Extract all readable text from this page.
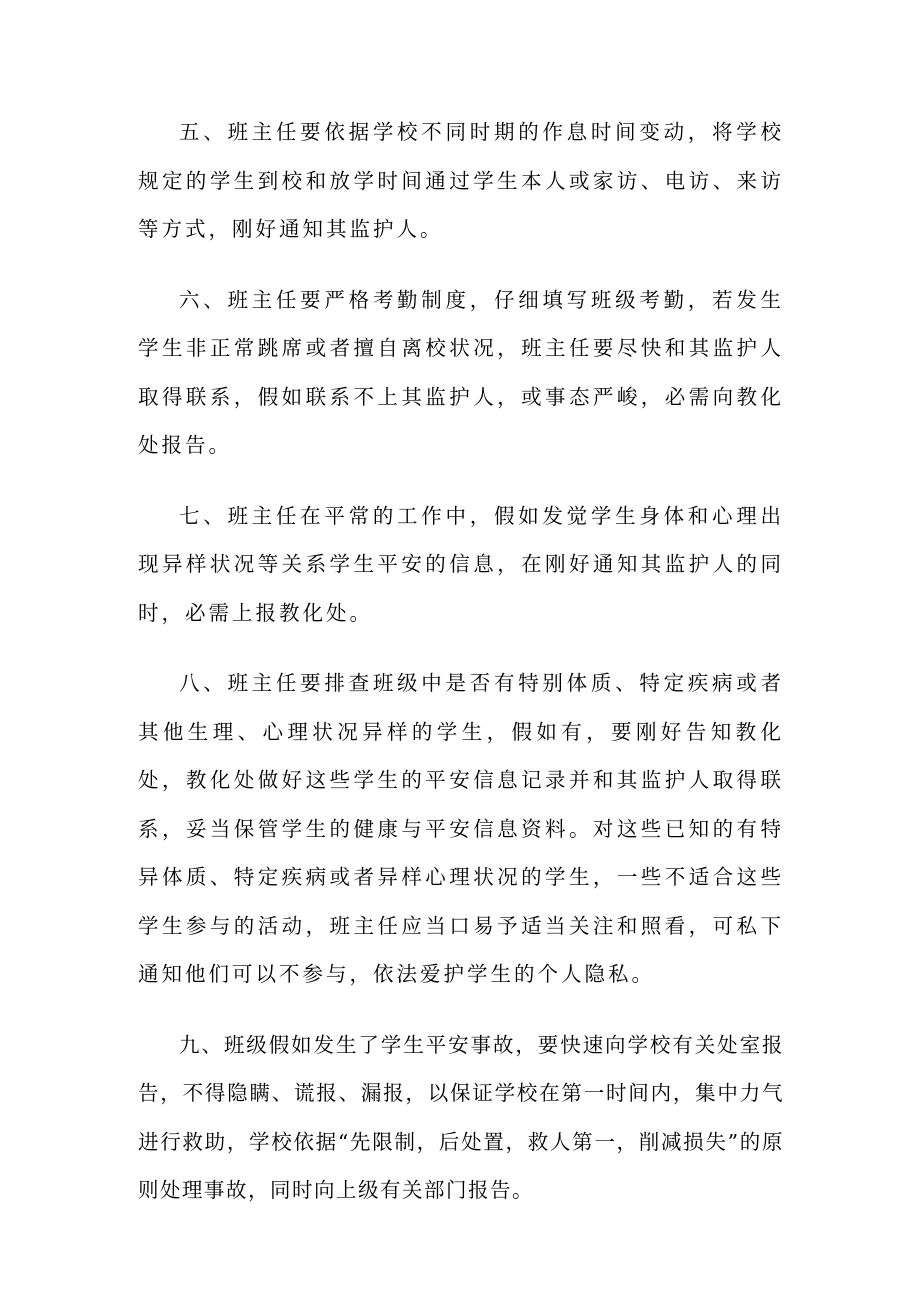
五、班主任要依据学校不同时期的作息时间变动，将学校规定的学生到校和放学时间通过学生本人或家访、电访、来访等方式，刚好通知其监护人。

六、班主任要严格考勤制度，仔细填写班级考勤，若发生学生非正常跳席或者擅自离校状况，班主任要尽快和其监护人取得联系，假如联系不上其监护人，或事态严峻，必需向教化处报告。

七、班主任在平常的工作中，假如发觉学生身体和心理出现异样状况等关系学生平安的信息，在刚好通知其监护人的同时，必需上报教化处。

八、班主任要排查班级中是否有特别体质、特定疾病或者其他生理、心理状况异样的学生，假如有，要刚好告知教化处，教化处做好这些学生的平安信息记录并和其监护人取得联系，妥当保管学生的健康与平安信息资料。对这些已知的有特异体质、特定疾病或者异样心理状况的学生，一些不适合这些学生参与的活动，班主任应当口易予适当关注和照看，可私下通知他们可以不参与，依法爱护学生的个人隐私。

九、班级假如发生了学生平安事故，要快速向学校有关处室报告，不得隐瞒、谎报、漏报，以保证学校在第一时间内，集中力气进行救助，学校依据“先限制，后处置，救人第一，削减损失”的原则处理事故，同时向上级有关部门报告。
